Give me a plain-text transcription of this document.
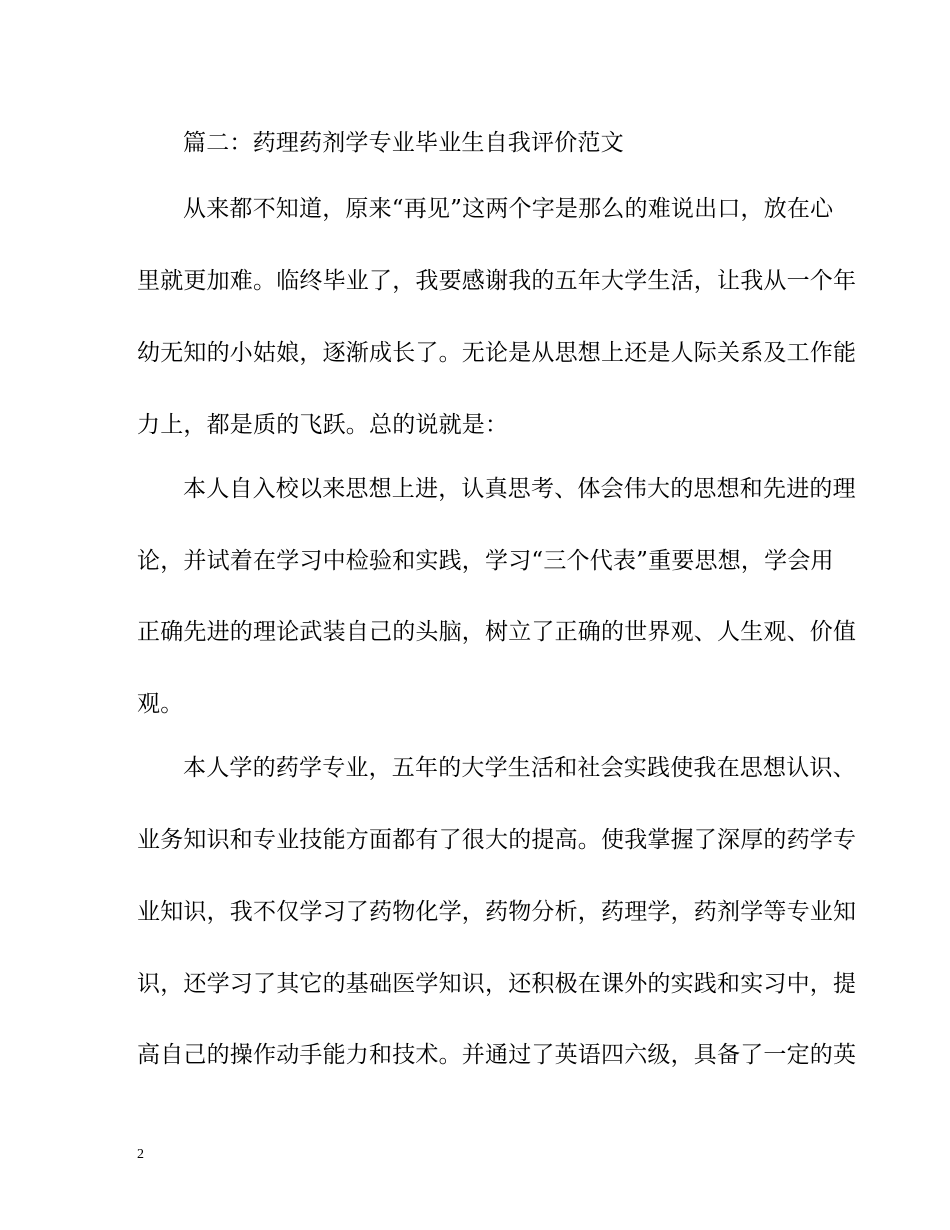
篇二：药理药剂学专业毕业生自我评价范文
从来都不知道，原来“再见”这两个字是那么的难说出口，放在心
里就更加难。临终毕业了，我要感谢我的五年大学生活，让我从一个年
幼无知的小姑娘，逐渐成长了。无论是从思想上还是人际关系及工作能
力上，都是质的飞跃。总的说就是：
本人自入校以来思想上进，认真思考、体会伟大的思想和先进的理
论，并试着在学习中检验和实践，学习“三个代表”重要思想，学会用
正确先进的理论武装自己的头脑，树立了正确的世界观、人生观、价值
观。
本人学的药学专业，五年的大学生活和社会实践使我在思想认识、
业务知识和专业技能方面都有了很大的提高。使我掌握了深厚的药学专
业知识，我不仅学习了药物化学，药物分析，药理学，药剂学等专业知
识，还学习了其它的基础医学知识，还积极在课外的实践和实习中，提
高自己的操作动手能力和技术。并通过了英语四六级，具备了一定的英
2
